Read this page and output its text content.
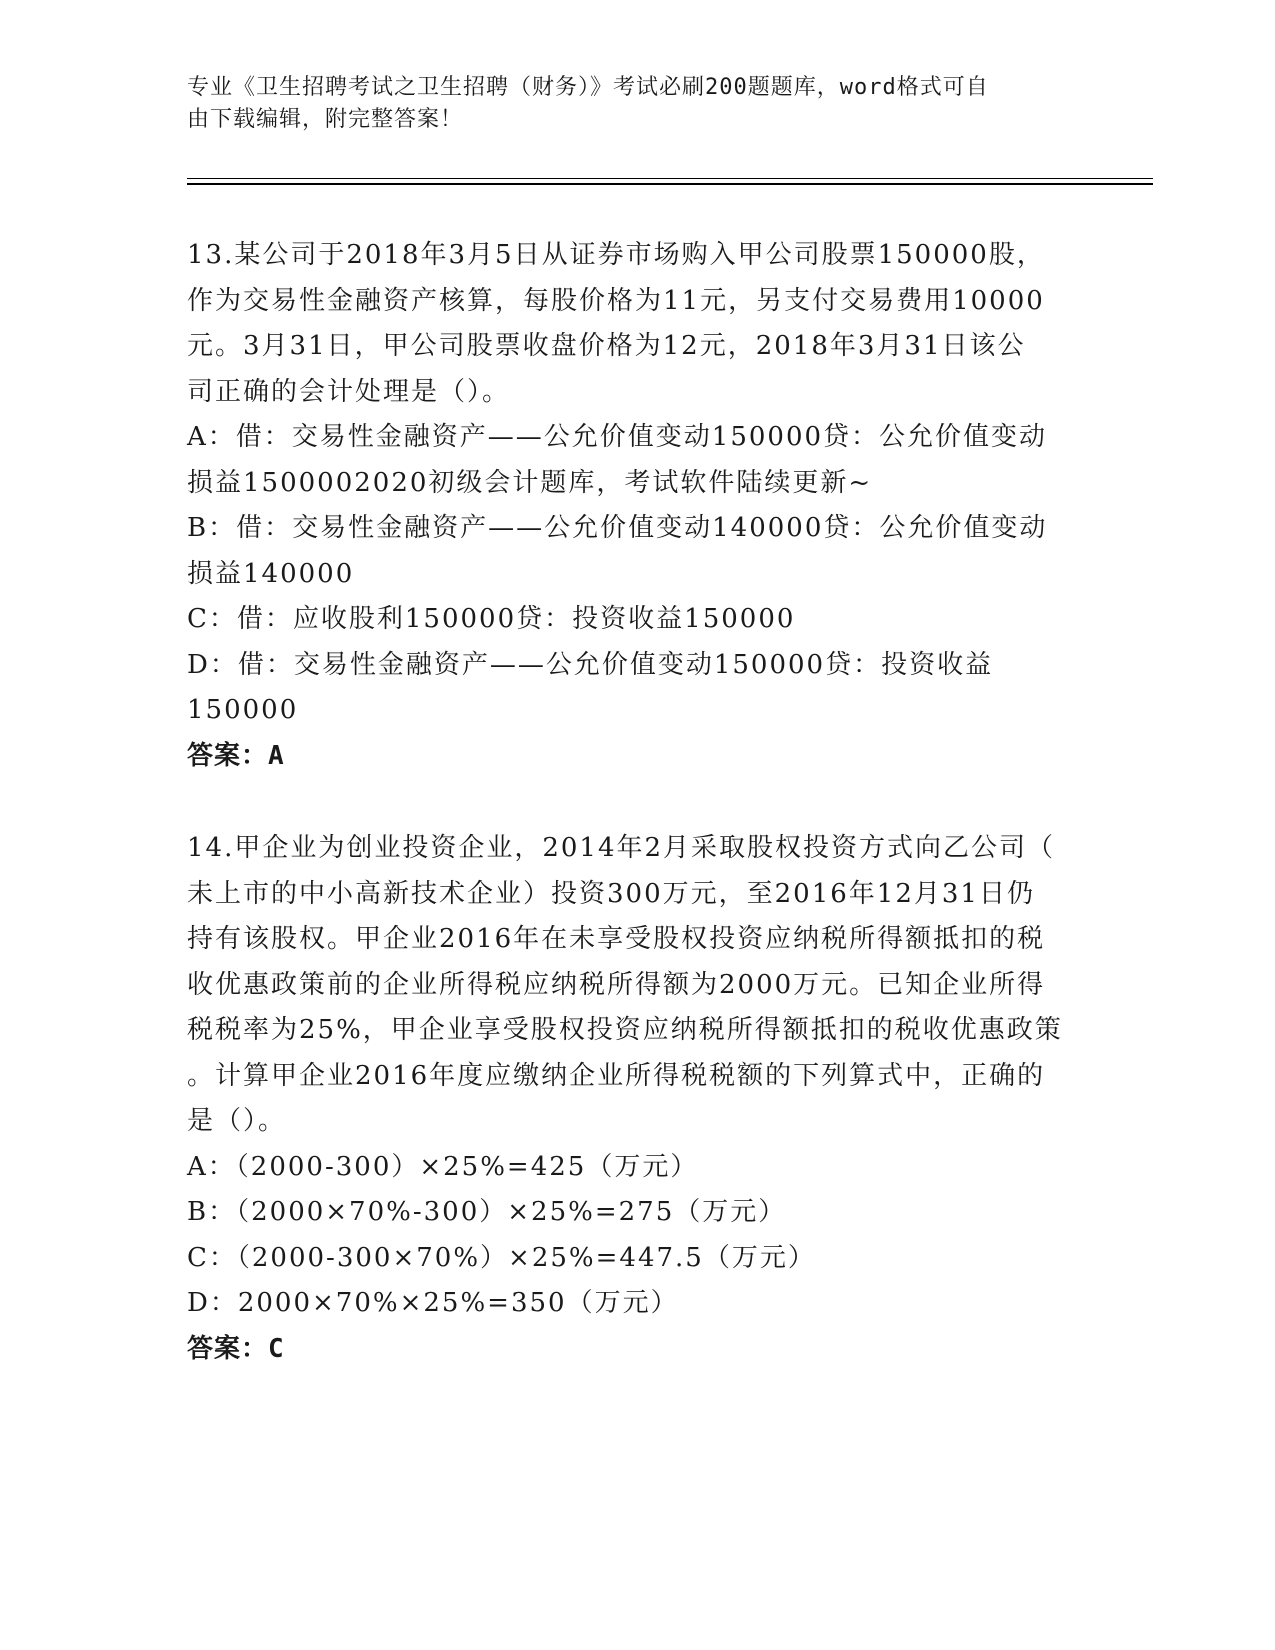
专业《卫生招聘考试之卫生招聘（财务）》考试必刷200题题库，word格式可自
由下载编辑，附完整答案！
13.某公司于2018年3月5日从证券市场购入甲公司股票150000股，
作为交易性金融资产核算，每股价格为11元，另支付交易费用10000
元。3月31日，甲公司股票收盘价格为12元，2018年3月31日该公
司正确的会计处理是（）。
A：借：交易性金融资产——公允价值变动150000贷：公允价值变动
损益1500002020初级会计题库，考试软件陆续更新~
B：借：交易性金融资产——公允价值变动140000贷：公允价值变动
损益140000
C：借：应收股利150000贷：投资收益150000
D：借：交易性金融资产——公允价值变动150000贷：投资收益
150000
答案：A
14.甲企业为创业投资企业，2014年2月采取股权投资方式向乙公司（
未上市的中小高新技术企业）投资300万元，至2016年12月31日仍
持有该股权。甲企业2016年在未享受股权投资应纳税所得额抵扣的税
收优惠政策前的企业所得税应纳税所得额为2000万元。已知企业所得
税税率为25%，甲企业享受股权投资应纳税所得额抵扣的税收优惠政策
。计算甲企业2016年度应缴纳企业所得税税额的下列算式中，正确的
是（）。
A：（2000-300）×25%=425（万元）
B：（2000×70%-300）×25%=275（万元）
C：（2000-300×70%）×25%=447.5（万元）
D：2000×70%×25%=350（万元）
答案：C
